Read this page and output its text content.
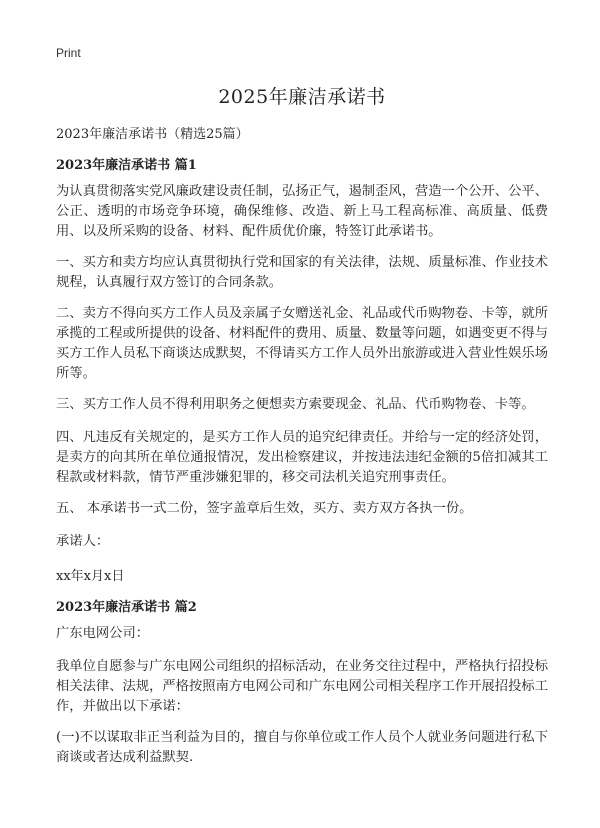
Print
2025年廉洁承诺书

2023年廉洁承诺书（精选25篇）

2023年廉洁承诺书 篇1

为认真贯彻落实党风廉政建设责任制，弘扬正气，遏制歪风，营造一个公开、公平、公正、透明的市场竞争环境，确保维修、改造、新上马工程高标准、高质量、低费用、以及所采购的设备、材料、配件质优价廉，特签订此承诺书。

一、买方和卖方均应认真贯彻执行党和国家的有关法律，法规、质量标准、作业技术规程，认真履行双方签订的合同条款。

二、卖方不得向买方工作人员及亲属子女赠送礼金、礼品或代币购物卷、卡等，就所承揽的工程或所提供的设备、材料配件的费用、质量、数量等问题，如遇变更不得与买方工作人员私下商谈达成默契，不得请买方工作人员外出旅游或进入营业性娱乐场所等。

三、买方工作人员不得利用职务之便想卖方索要现金、礼品、代币购物卷、卡等。

四、凡违反有关规定的，是买方工作人员的追究纪律责任。并给与一定的经济处罚，是卖方的向其所在单位通报情况，发出检察建议，并按违法违纪金额的5倍扣减其工程款或材料款，情节严重涉嫌犯罪的，移交司法机关追究刑事责任。

五、 本承诺书一式二份，签字盖章后生效，买方、卖方双方各执一份。

承诺人：

xx年x月x日

2023年廉洁承诺书 篇2

广东电网公司：

我单位自愿参与广东电网公司组织的招标活动，在业务交往过程中，严格执行招投标相关法律、法规，严格按照南方电网公司和广东电网公司相关程序工作开展招投标工作，并做出以下承诺：

(一)不以谋取非正当利益为目的，擅自与你单位或工作人员个人就业务问题进行私下商谈或者达成利益默契.
